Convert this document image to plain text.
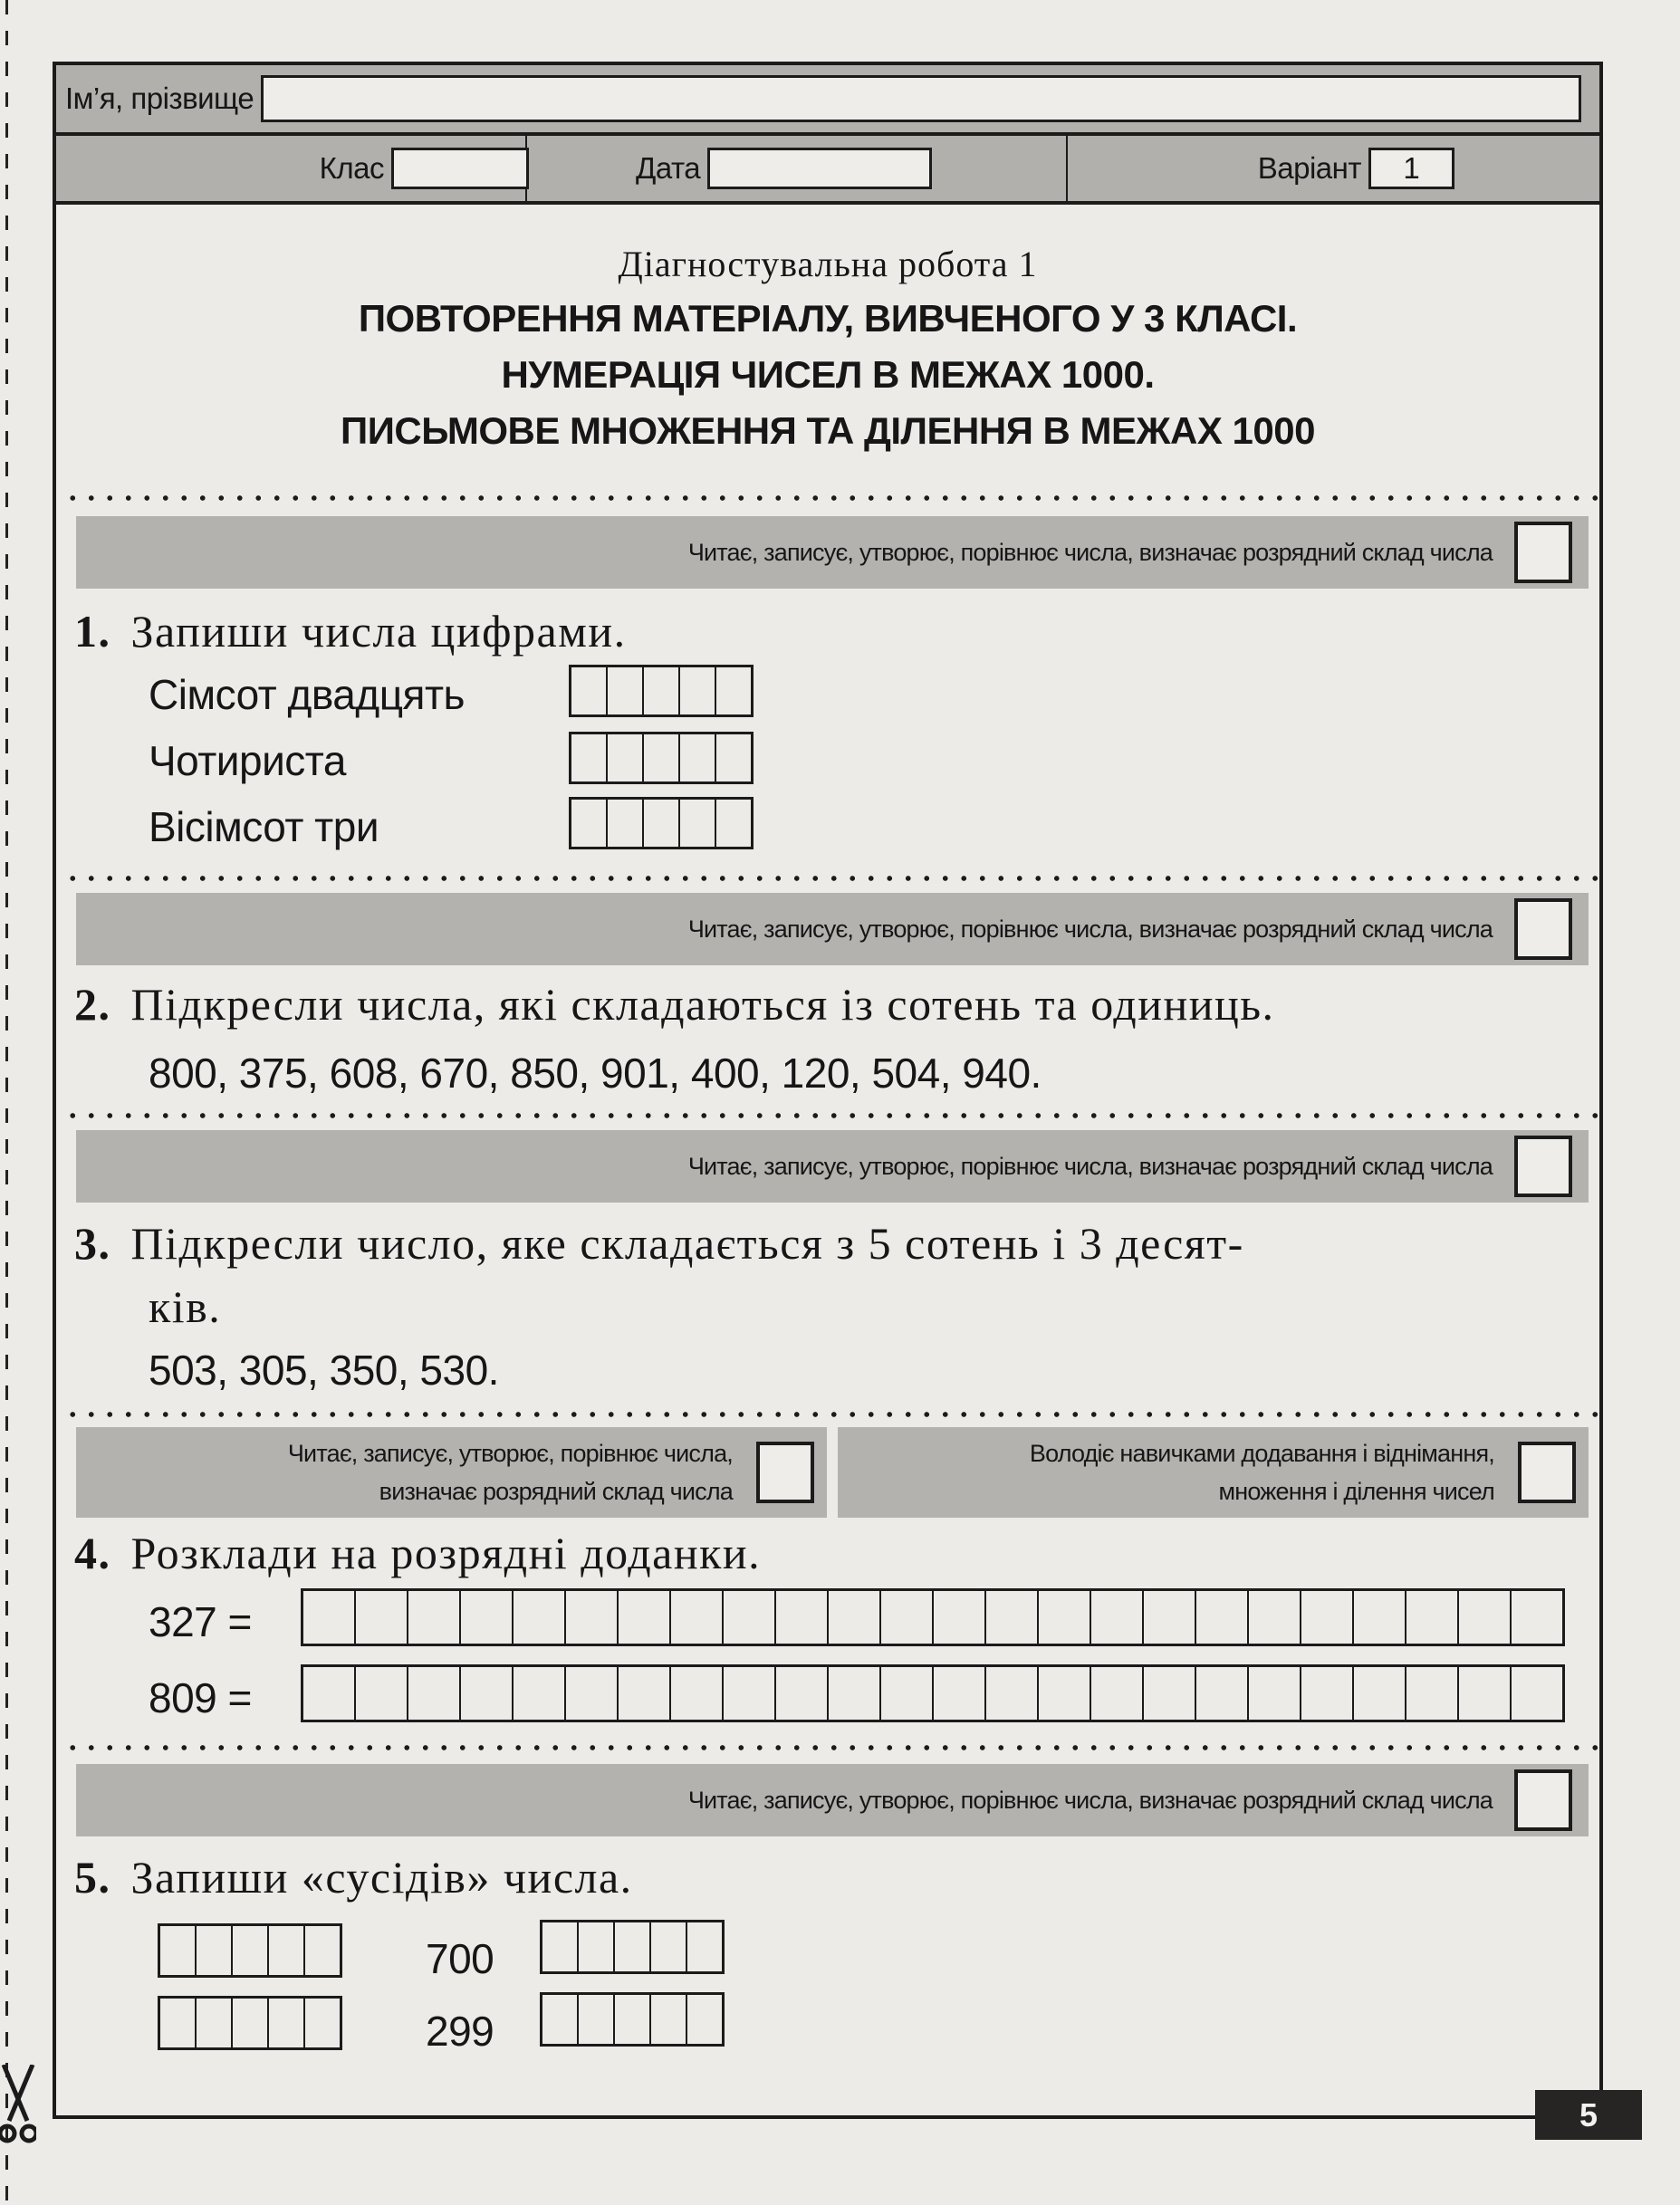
Ім’я, прізвище
Клас	Дата	Варіант	1
Діагностувальна робота 1
ПОВТОРЕННЯ МАТЕРІАЛУ, ВИВЧЕНОГО У 3 КЛАСІ.
НУМЕРАЦІЯ ЧИСЕЛ В МЕЖАХ 1000.
ПИСЬМОВЕ МНОЖЕННЯ ТА ДІЛЕННЯ В МЕЖАХ 1000
Читає, записує, утворює, порівнює числа, визначає розрядний склад числа
1. Запиши числа цифрами.
Сімсот двадцять
Чотириста
Вісімсот три
Читає, записує, утворює, порівнює числа, визначає розрядний склад числа
2. Підкресли числа, які складаються із сотень та одиниць.
800, 375, 608, 670, 850, 901, 400, 120, 504, 940.
Читає, записує, утворює, порівнює числа, визначає розрядний склад числа
3. Підкресли число, яке складається з 5 сотень і 3 десят-
ків.
503, 305, 350, 530.
Читає, записує, утворює, порівнює числа,
визначає розрядний склад числа
Володіє навичками додавання і віднімання,
множення і ділення чисел
4. Розклади на розрядні доданки.
327 =
809 =
Читає, записує, утворює, порівнює числа, визначає розрядний склад числа
5. Запиши «сусідів» числа.
700
299
5
